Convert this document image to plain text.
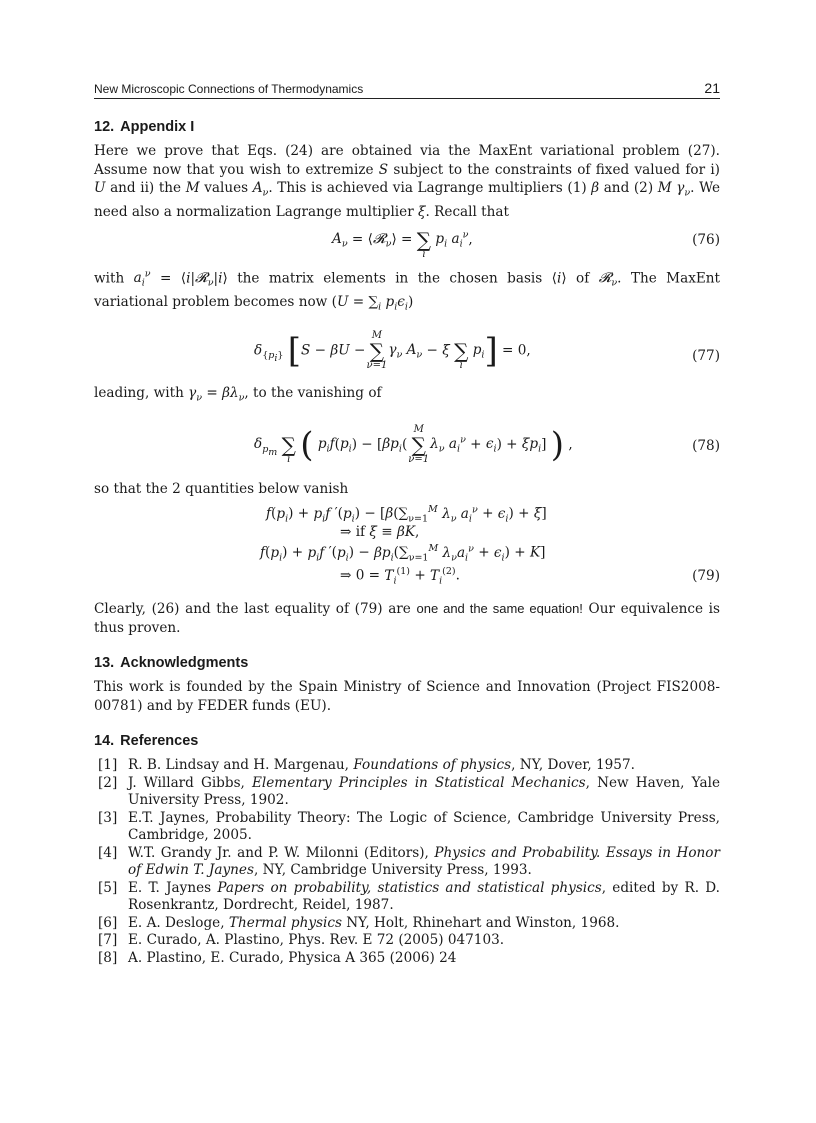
New Microscopic Connections of Thermodynamics	21
12. Appendix I

Here we prove that Eqs. (24) are obtained via the MaxEnt variational problem (27). Assume now that you wish to extremize S subject to the constraints of fixed valued for i) U and ii) the M values $A_\nu$. This is achieved via Lagrange multipliers (1) β and (2) M $\gamma_\nu$. We need also a normalization Lagrange multiplier ξ. Recall that

$A_\nu$ = ⟨𝓡$_\nu$⟩ = ∑
i
$p_i$ $a_i^\nu$,	(76)

with $a_i^\nu$ = ⟨i|𝓡$_\nu$|i⟩ the matrix elements in the chosen basis ⟨i⟩ of 𝓡$_\nu$. The MaxEnt variational problem becomes now ($U = \sum_i$ $p_i\epsilon_i$)

$\delta_{\{p_i\}}$ [S − βU − ∑
M
ν=1
$\gamma_\nu$ $A_\nu - \xi$ ∑
i
$p_i] = 0$,	(77)

leading, with $\gamma_\nu = \beta\lambda_\nu$, to the vanishing of

$\delta_{p_m}$ ∑
i ( $p_if(p_i) - [\beta p_i$( ∑
M
ν=1
$\lambda_\nu$ $a_i^\nu + \epsilon_i) + \xi p_i$] ) ,	(78)

so that the 2 quantities below vanish

$f(p_i) + p_if$ $'(p_i) - [\beta(\sum_{\nu=1}^M$ $\lambda_\nu$ $a_i^\nu + \epsilon_i) + \xi$]
⇒ if ξ ≡ βK,
$f(p_i) + p_if$ $'(p_i) - \beta p_i(\sum_{\nu=1}^M$ $\lambda_\nu a_i^\nu + \epsilon_i) + K$]
⇒ $0 = T_i^{(1)} + T_i^{(2)}$.	(79)

Clearly, (26) and the last equality of (79) are one and the same equation! Our equivalence is thus proven.

13. Acknowledgments

This work is founded by the Spain Ministry of Science and Innovation (Project FIS2008-00781) and by FEDER funds (EU).

14. References
[1] R. B. Lindsay and H. Margenau, Foundations of physics, NY, Dover, 1957.
[2] J. Willard Gibbs, Elementary Principles in Statistical Mechanics, New Haven, Yale University Press, 1902.
[3] E.T. Jaynes, Probability Theory: The Logic of Science, Cambridge University Press, Cambridge, 2005.
[4] W.T. Grandy Jr. and P. W. Milonni (Editors), Physics and Probability. Essays in Honor of Edwin T. Jaynes, NY, Cambridge University Press, 1993.
[5] E. T. Jaynes Papers on probability, statistics and statistical physics, edited by R. D. Rosenkrantz, Dordrecht, Reidel, 1987.
[6] E. A. Desloge, Thermal physics NY, Holt, Rhinehart and Winston, 1968.
[7] E. Curado, A. Plastino, Phys. Rev. E 72 (2005) 047103.
[8] A. Plastino, E. Curado, Physica A 365 (2006) 24
